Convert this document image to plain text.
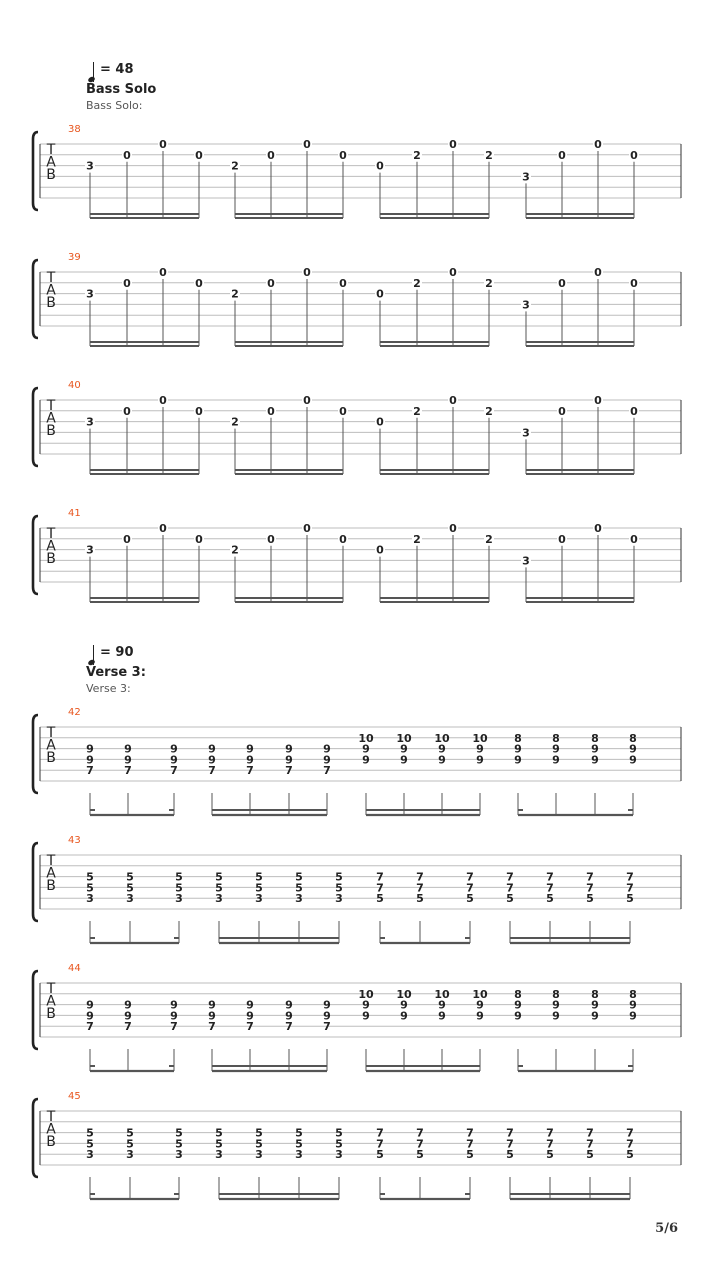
= 48
Bass Solo
Bass Solo:
= 90
Verse 3:
Verse 3:
T
A
B
38
3
0
0
0
2
0
0
0
0
2
0
2
3
0
0
0
T
A
B
39
3
0
0
0
2
0
0
0
0
2
0
2
3
0
0
0
T
A
B
40
3
0
0
0
2
0
0
0
0
2
0
2
3
0
0
0
T
A
B
41
3
0
0
0
2
0
0
0
0
2
0
2
3
0
0
0
T
A
B
42
9
9
7
9
9
7
9
9
7
9
9
7
9
9
7
9
9
7
9
9
7
10
9
9
10
9
9
10
9
9
10
9
9
8
9
9
8
9
9
8
9
9
8
9
9
T
A
B
43
5
5
3
5
5
3
5
5
3
5
5
3
5
5
3
5
5
3
5
5
3
7
7
5
7
7
5
7
7
5
7
7
5
7
7
5
7
7
5
7
7
5
T
A
B
44
9
9
7
9
9
7
9
9
7
9
9
7
9
9
7
9
9
7
9
9
7
10
9
9
10
9
9
10
9
9
10
9
9
8
9
9
8
9
9
8
9
9
8
9
9
T
A
B
45
5
5
3
5
5
3
5
5
3
5
5
3
5
5
3
5
5
3
5
5
3
7
7
5
7
7
5
7
7
5
7
7
5
7
7
5
7
7
5
7
7
5
5/6
